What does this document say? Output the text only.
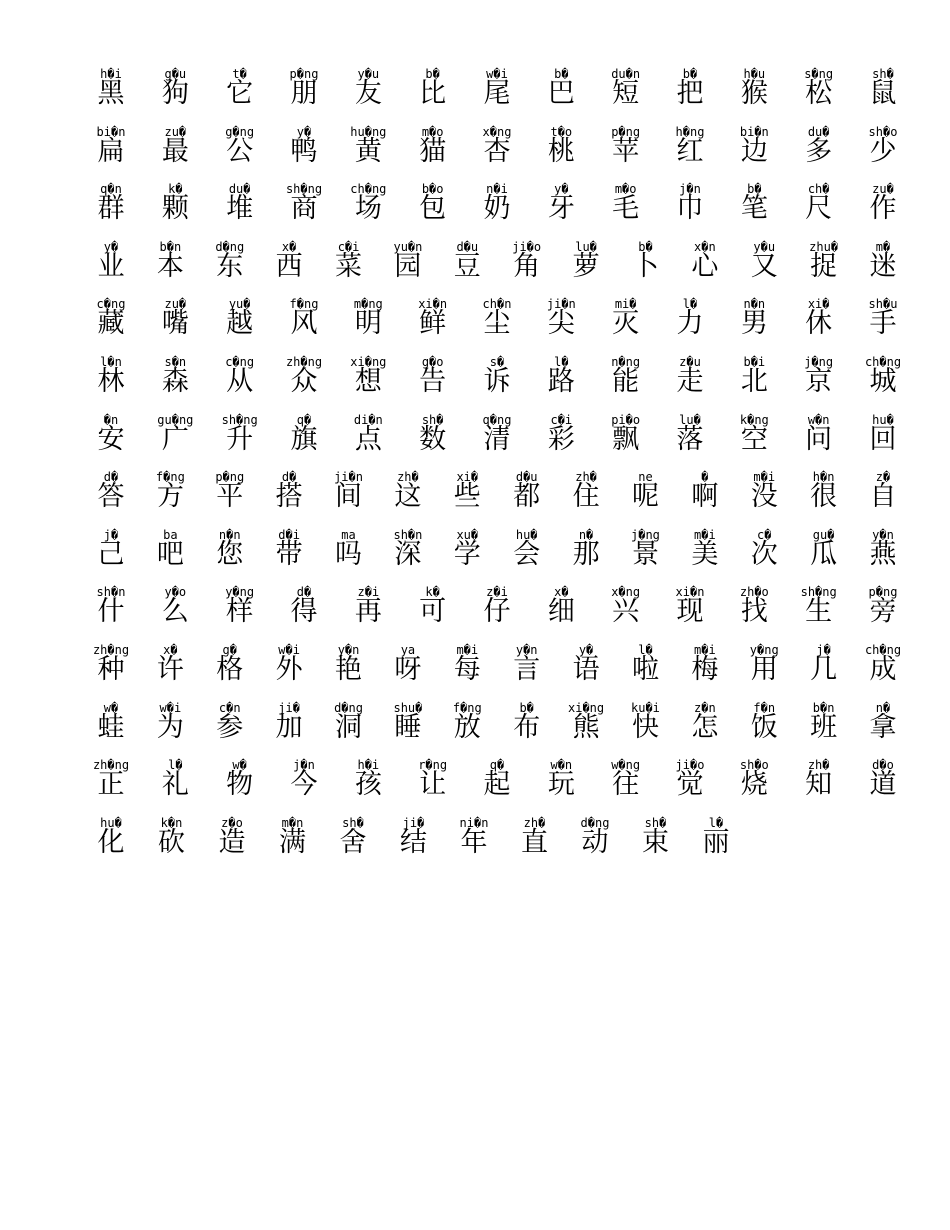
h�i
黑
g�u
狗
t�
它
p�ng
朋
y�u
友
b�
比
w�i
尾
b�
巴
du�n
短
b�
把
h�u
猴
s�ng
松
sh�
鼠
bi�n
扁
zu�
最
g�ng
公
y�
鸭
hu�ng
黄
m�o
猫
x�ng
杏
t�o
桃
p�ng
苹
h�ng
红
bi�n
边
du�
多
sh�o
少
q�n
群
k�
颗
du�
堆
sh�ng
商
ch�ng
场
b�o
包
n�i
奶
y�
牙
m�o
毛
j�n
巾
b�
笔
ch�
尺
zu�
作
y�
业
b�n
本
d�ng
东
x�
西
c�i
菜
yu�n
园
d�u
豆
ji�o
角
lu�
萝
b�
卜
x�n
心
y�u
又
zhu�
捉
m�
迷
c�ng
藏
zu�
嘴
yu�
越
f�ng
风
m�ng
明
xi�n
鲜
ch�n
尘
ji�n
尖
mi�
灭
l�
力
n�n
男
xi�
休
sh�u
手
l�n
林
s�n
森
c�ng
从
zh�ng
众
xi�ng
想
g�o
告
s�
诉
l�
路
n�ng
能
z�u
走
b�i
北
j�ng
京
ch�ng
城
�n
安
gu�ng
广
sh�ng
升
q�
旗
di�n
点
sh�
数
q�ng
清
c�i
彩
pi�o
飘
lu�
落
k�ng
空
w�n
问
hu�
回
d�
答
f�ng
方
p�ng
平
d�
搭
ji�n
间
zh�
这
xi�
些
d�u
都
zh�
住
ne
呢
�
啊
m�i
没
h�n
很
z�
自
j�
己
ba
吧
n�n
您
d�i
带
ma
吗
sh�n
深
xu�
学
hu�
会
n�
那
j�ng
景
m�i
美
c�
次
gu�
瓜
y�n
燕
sh�n
什
y�o
么
y�ng
样
d�
得
z�i
再
k�
可
z�i
仔
x�
细
x�ng
兴
xi�n
现
zh�o
找
sh�ng
生
p�ng
旁
zh�ng
种
x�
许
g�
格
w�i
外
y�n
艳
ya
呀
m�i
每
y�n
言
y�
语
l�
啦
m�i
梅
y�ng
用
j�
几
ch�ng
成
w�
蛙
w�i
为
c�n
参
ji�
加
d�ng
洞
shu�
睡
f�ng
放
b�
布
xi�ng
熊
ku�i
快
z�n
怎
f�n
饭
b�n
班
n�
拿
zh�ng
正
l�
礼
w�
物
j�n
今
h�i
孩
r�ng
让
q�
起
w�n
玩
w�ng
往
ji�o
觉
sh�o
烧
zh�
知
d�o
道
hu�
化
k�n
砍
z�o
造
m�n
满
sh�
舍
ji�
结
ni�n
年
zh�
直
d�ng
动
sh�
束
l�
丽
